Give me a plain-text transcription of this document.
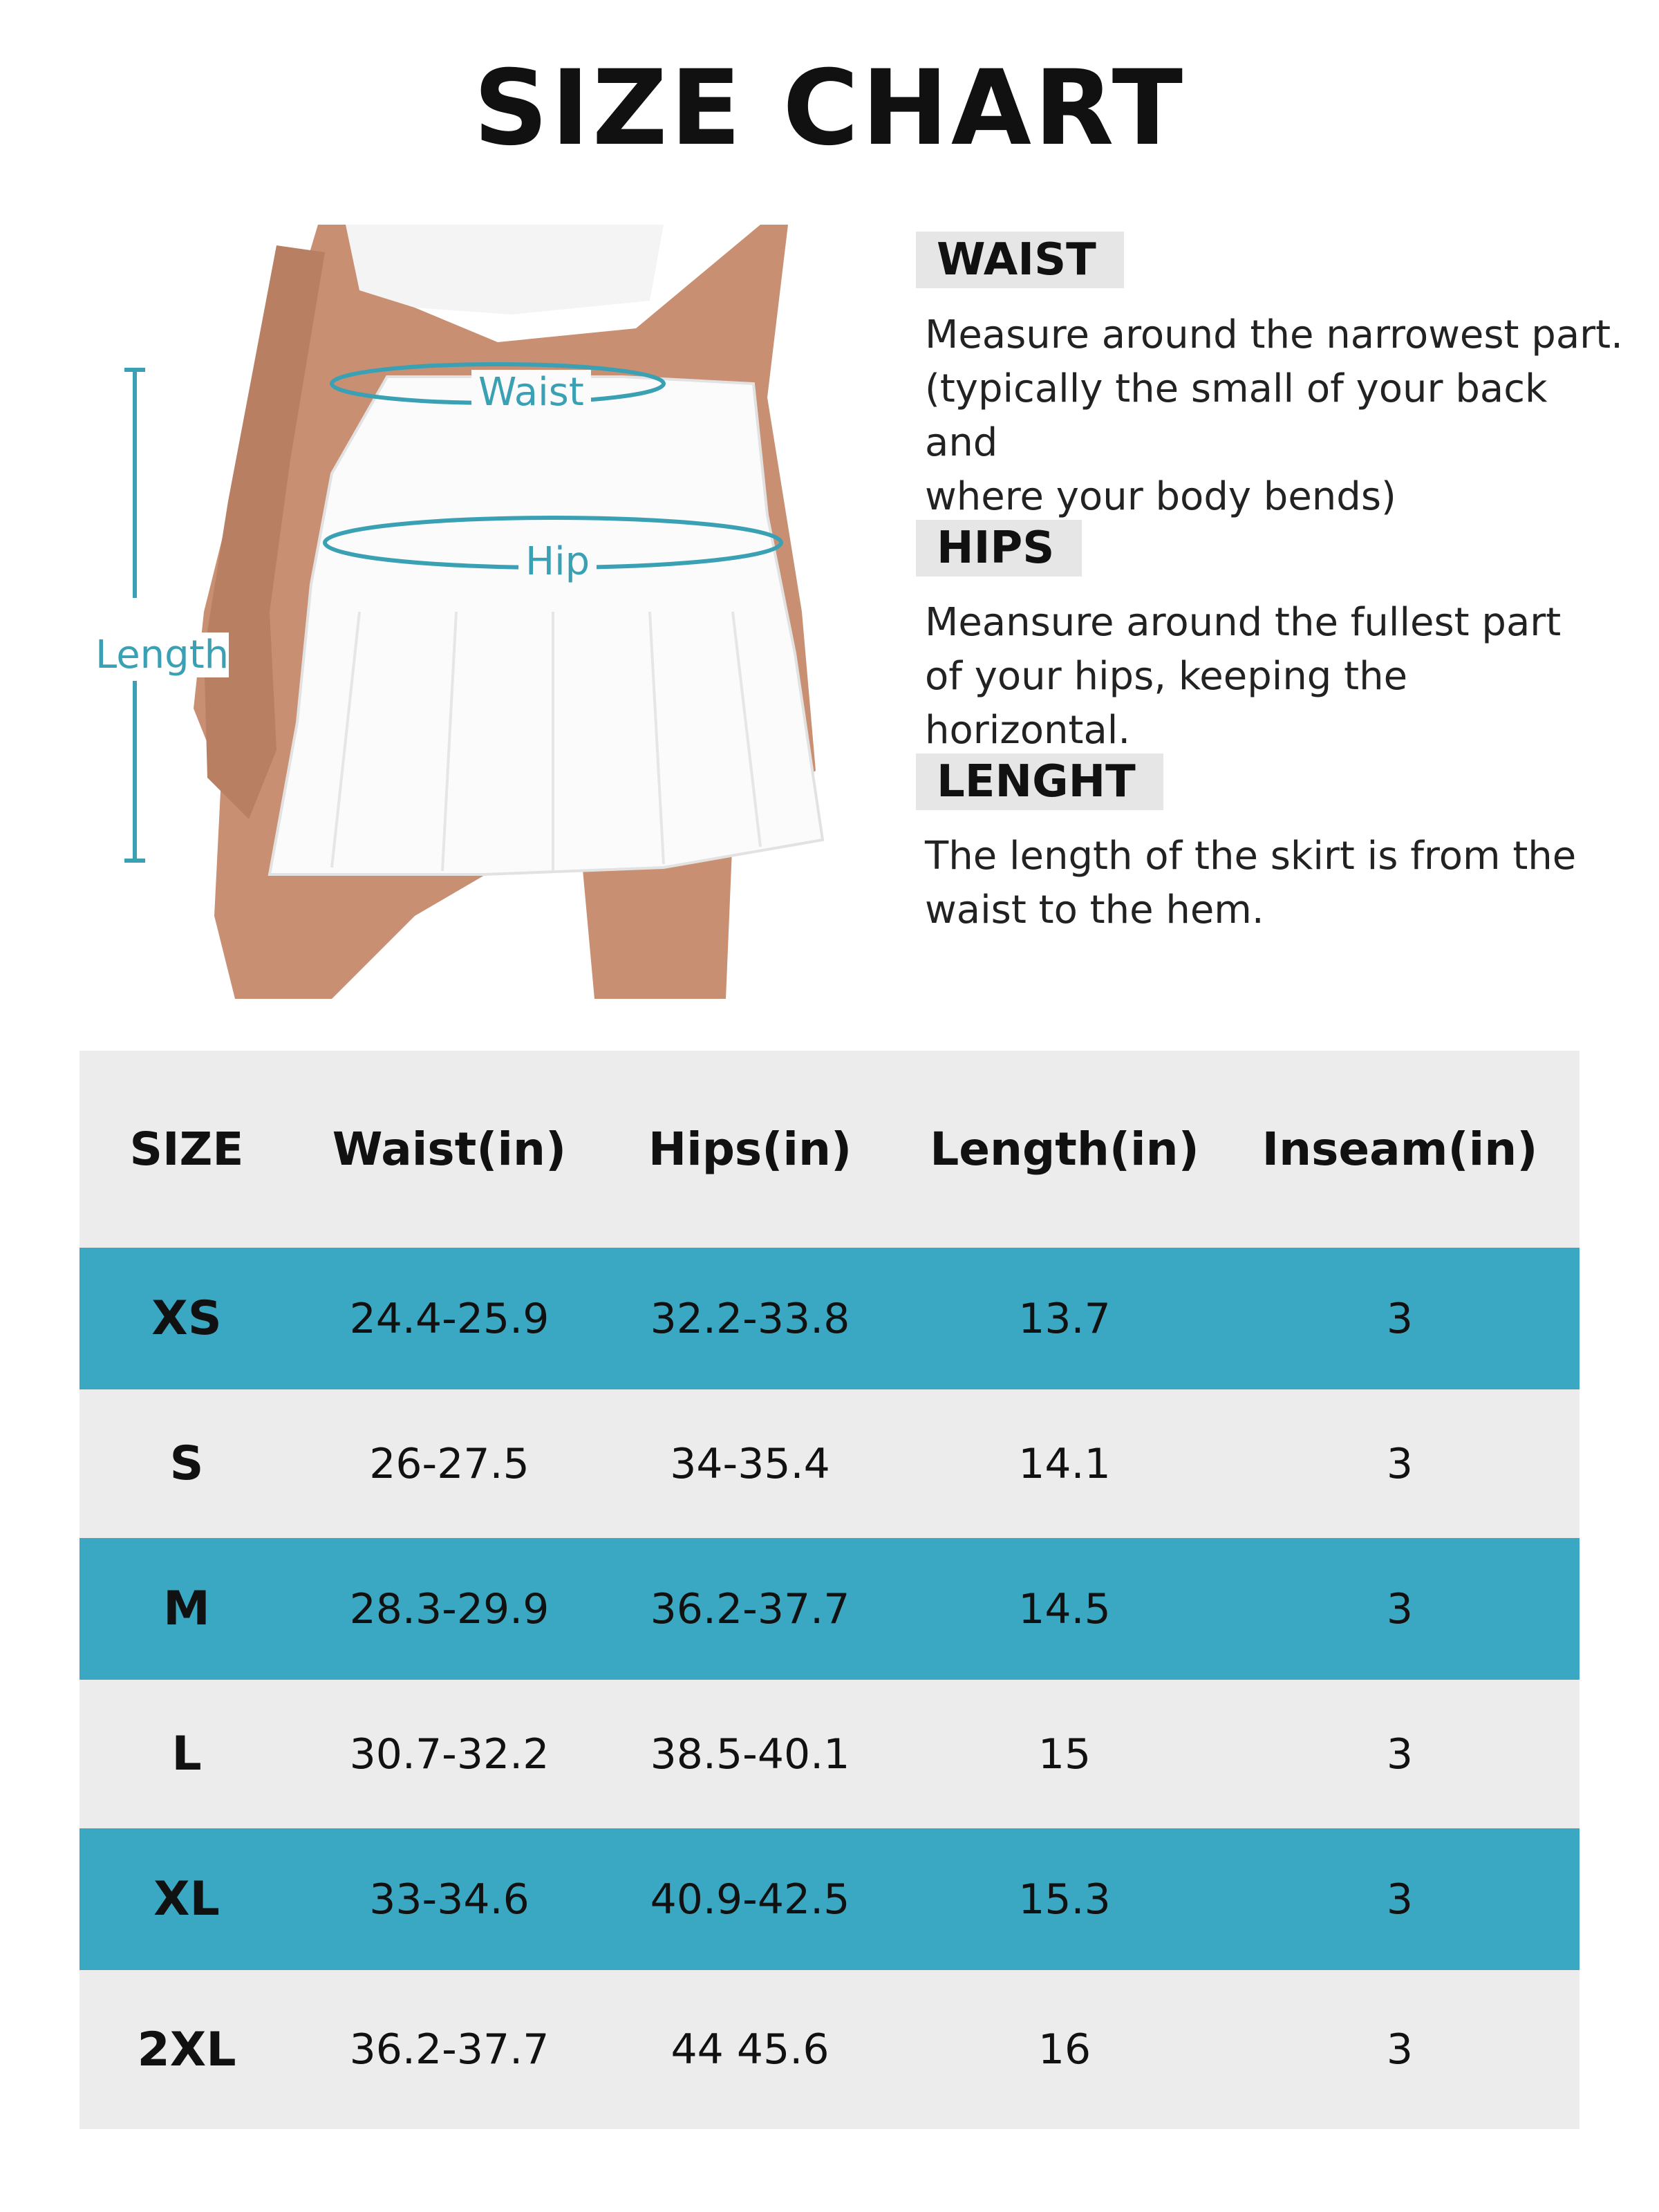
SIZE CHART
Waist
Hip
Length
WAIST
Measure around the narrowest part.
(typically the small of your back and
where your body bends)
HIPS
Meansure around the fullest part
of your hips, keeping the horizontal.
LENGHT
The length of the skirt is from the
waist to the hem.
SIZE	Waist(in)	Hips(in)	Length(in)	Inseam(in)
XS	24.4-25.9	32.2-33.8	13.7	3
S	26-27.5	34-35.4	14.1	3
M	28.3-29.9	36.2-37.7	14.5	3
L	30.7-32.2	38.5-40.1	15	3
XL	33-34.6	40.9-42.5	15.3	3
2XL	36.2-37.7	44 45.6	16	3
